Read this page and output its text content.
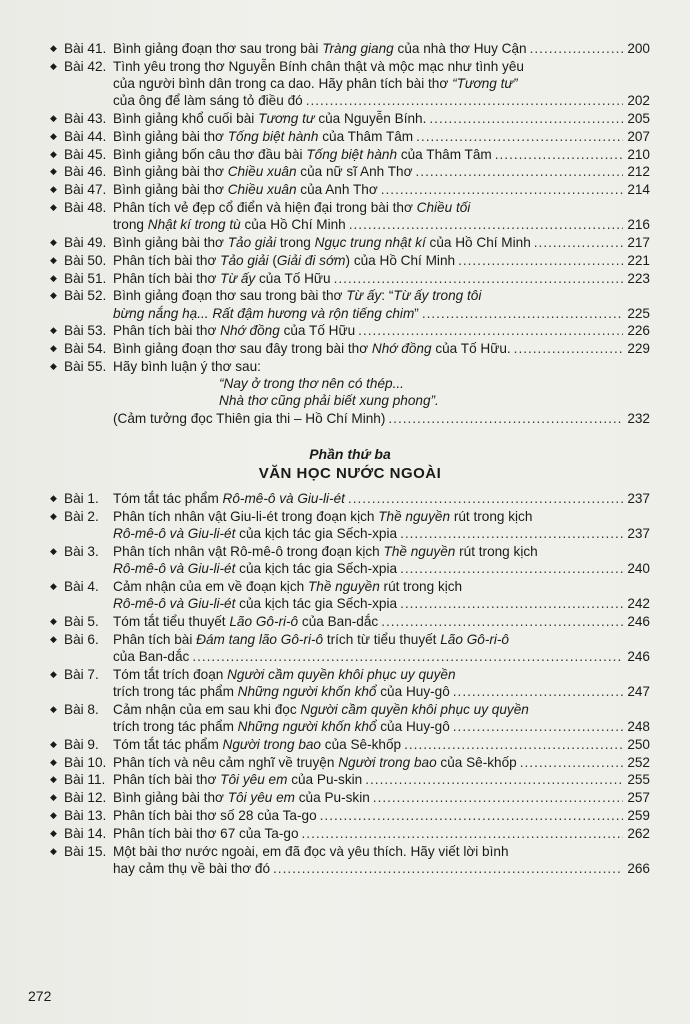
◆ Bài 41. Bình giảng đoạn thơ sau trong bài Tràng giang của nhà thơ Huy Cận .....	200
◆ Bài 42. Tình yêu trong thơ Nguyễn Bính chân thật và mộc mạc như tình yêu
của người bình dân trong ca dao. Hãy phân tích bài thơ “Tương tư”
của ông để làm sáng tỏ điều đó .....	202
◆ Bài 43. Bình giảng khổ cuối bài Tương tư của Nguyễn Bính. .....	205
◆ Bài 44. Bình giảng bài thơ Tống biệt hành của Thâm Tâm .....	207
◆ Bài 45. Bình giảng bốn câu thơ đầu bài Tống biệt hành của Thâm Tâm .....	210
◆ Bài 46. Bình giảng bài thơ Chiều xuân của nữ sĩ Anh Thơ .....	212
◆ Bài 47. Bình giảng bài thơ Chiều xuân của Anh Thơ .....	214
◆ Bài 48. Phân tích vẻ đẹp cổ điển và hiện đại trong bài thơ Chiều tối
trong Nhật kí trong tù của Hồ Chí Minh .....	216
◆ Bài 49. Bình giảng bài thơ Tảo giải trong Ngục trung nhật kí của Hồ Chí Minh .....	217
◆ Bài 50. Phân tích bài thơ Tảo giải (Giải đi sớm) của Hồ Chí Minh .....	221
◆ Bài 51. Phân tích bài thơ Từ ấy của Tố Hữu .....	223
◆ Bài 52. Bình giảng đoạn thơ sau trong bài thơ Từ ấy: “Từ ấy trong tôi
bừng nắng hạ... Rất đậm hương và rộn tiếng chim” .....	225
◆ Bài 53. Phân tích bài thơ Nhớ đồng của Tố Hữu .....	226
◆ Bài 54. Bình giảng đoạn thơ sau đây trong bài thơ Nhớ đồng của Tố Hữu. .....	229
◆ Bài 55. Hãy bình luận ý thơ sau:
“Nay ở trong thơ nên có thép...
Nhà thơ cũng phải biết xung phong”.
(Cảm tưởng đọc Thiên gia thi – Hồ Chí Minh) .....	232
Phần thứ ba
VĂN HỌC NƯỚC NGOÀI
◆ Bài 1.	Tóm tắt tác phẩm Rô-mê-ô và Giu-li-ét .....	237
◆ Bài 2.	Phân tích nhân vật Giu-li-ét trong đoạn kịch Thề nguyền rút trong kịch
Rô-mê-ô và Giu-li-ét của kịch tác gia Sếch-xpia .....	237
◆ Bài 3.	Phân tích nhân vật Rô-mê-ô trong đoạn kịch Thề nguyền rút trong kịch
Rô-mê-ô và Giu-li-ét của kịch tác gia Sếch-xpia .....	240
◆ Bài 4.	Cảm nhận của em về đoạn kịch Thề nguyền rút trong kịch
Rô-mê-ô và Giu-li-ét của kịch tác gia Sếch-xpia .....	242
◆ Bài 5.	Tóm tắt tiểu thuyết Lão Gô-ri-ô của Ban-dắc .....	246
◆ Bài 6.	Phân tích bài Đám tang lão Gô-ri-ô trích từ tiểu thuyết Lão Gô-ri-ô
của Ban-dắc .....	246
◆ Bài 7.	Tóm tắt trích đoạn Người cầm quyền khôi phục uy quyền
trích trong tác phẩm Những người khốn khổ của Huy-gô .....	247
◆ Bài 8.	Cảm nhận của em sau khi đọc Người cầm quyền khôi phục uy quyền
trích trong tác phẩm Những người khốn khổ của Huy-gô .....	248
◆ Bài 9.	Tóm tắt tác phẩm Người trong bao của Sê-khốp .....	250
◆ Bài 10. Phân tích và nêu cảm nghĩ về truyện Người trong bao của Sê-khốp .....	252
◆ Bài 11. Phân tích bài thơ Tôi yêu em của Pu-skin .....	255
◆ Bài 12. Bình giảng bài thơ Tôi yêu em của Pu-skin .....	257
◆ Bài 13. Phân tích bài thơ số 28 của Ta-go .....	259
◆ Bài 14. Phân tích bài thơ 67 của Ta-go .....	262
◆ Bài 15. Một bài thơ nước ngoài, em đã đọc và yêu thích. Hãy viết lời bình
hay cảm thụ về bài thơ đó .....	266
272
